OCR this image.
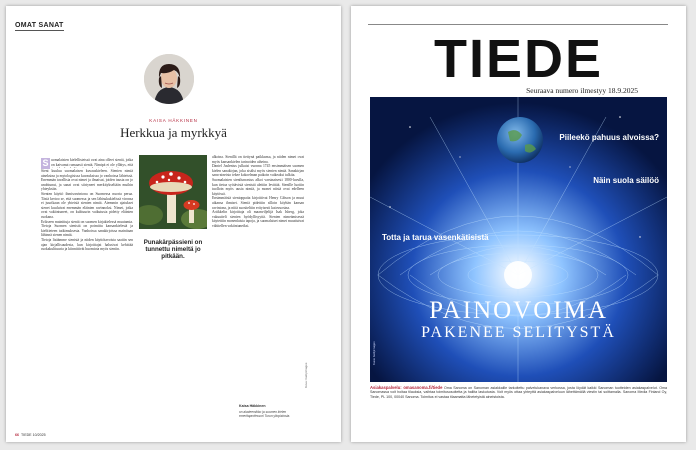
OMAT SANAT
KAISA HÄKKINEN
Herkkua ja myrkkyä
S uomalaisten kielellistetssä ovat aina olleet sieniä, jotka on kaivanut runsaasti sieniä. Nimipä ei ole yllätys, että

Sieni kuuluu suomalaisen kuvauskieleen. Sienien nimiä aineksina ja mytologisissa kuvauksissa jo vanhoissa lähteissä. Enemmän tavallisia ovat nimet ja ilmaisut, joiden tausta on jo unohtunut, ja sanat ovat siirtyneet merkitykseltään muihin yhteyksiin.

Sienten käyttö ihmisravintona on Suomessa nuorta perua. Tästä kertoo se, että suomessa ja sen lähisukukielissä vironsa ei juurikaan ole yhteisiä sienten nimiä. Aiemmin ajatukset sienet kuuluivat enemmän eläinten ravinnoksi. Nimet, jotka ovat vakiintuneet, on kulttuurin vaikutusta pidetty eläinten ruokana.

Erikseen mainittuja sieniä on suomen kirjakielessä muutamia. Tietoja Suomen sienistä on poimittu kansankielestä ja kielitieteen tutkimuksesta. Vanhoissa sanakirjoissa mainitaan lähinnä sienen nimiä.

Tietoja lisäämme sienistä ja niiden käyttötavoista saatiin sen ajan kirjallisuudesta, kun kirjoittajat halusivat kehittää ruokakulttuuria ja kiinnittivät huomiota myös sieniin.

Punakärpässieni on tunnettu nimeltä jo pitkään.

alkoina. Sienillä on tiettynä paikkansa, ja niiden nimet ovat myös kansankielen tarinoiden aiheina.

Daniel Juslenius julkaisi vuonna 1745 ensimmäisen suomen kielen sanakirjan, joka sisälsi myös sienien nimiä. Sanakirjan sana-aineisto tekee kokoelman paikoin vaikeaksi tulkita.

Suomalaisten sieniharrastus alkoi varsinaisesti 1800-luvulla, kun tietoa syötävistä sienistä alettiin levittää. Sienille luotiin tuolloin myös uusia nimiä, ja monet niistä ovat edelleen käytössä.

Ensimmäisiä sienioppaita kirjoittivat Henry Gibson ja muut aikansa ihmiset. Sieniä pidettiin silloin köyhän kansan ravintona, ja niitä suositeltiin erityisesti katovuosina.

Artikkelin kirjoittaja oli maanviljelijä Isak Isberg, joka vakuutteli sienien hyödyllisyyttä. Sienten nimeämisessä käytettiin monenlaisia tapoja, ja suomalaiset nimet muuttuivat vähitellen vakiintuneiksi.

Kaisa Häkkinen
on akateemikko ja suomen kielen emeritaprofessori Turun yliopistosta.
Kuva: Gettyimages
66 TIEDE 10/2025
TIEDE
Seuraava numero ilmestyy 18.9.2025
Piileekö pahuus alvoissa?
Näin suola säilöö
Totta ja tarua vasenkätisistä
PAINOVOIMA
PAKENEE SELITYSTÄ
Kuva: Gettyimages
Asiakaspalvelu: omasanoma.fi/tiede Oma Sanoma on Sanoman asiakkaille tarkoitettu palvelukanava verkossa, josta löydät kaikki Sanoman tuotteiden asiakaspalvelut. Oma Sanomassa voit hoitaa tilauksia, vaihtaa toimitusosoitetta ja hallita laskutusta. Voit myös ottaa yhteyttä asiakaspalveluun lähettämällä viestin tai soittamalla. Sanoma Media Finland Oy, Tiede, PL 100, 00040 Sanoma. Toimitus ei vastaa tilaamatta lähetetyistä aineistoista.
